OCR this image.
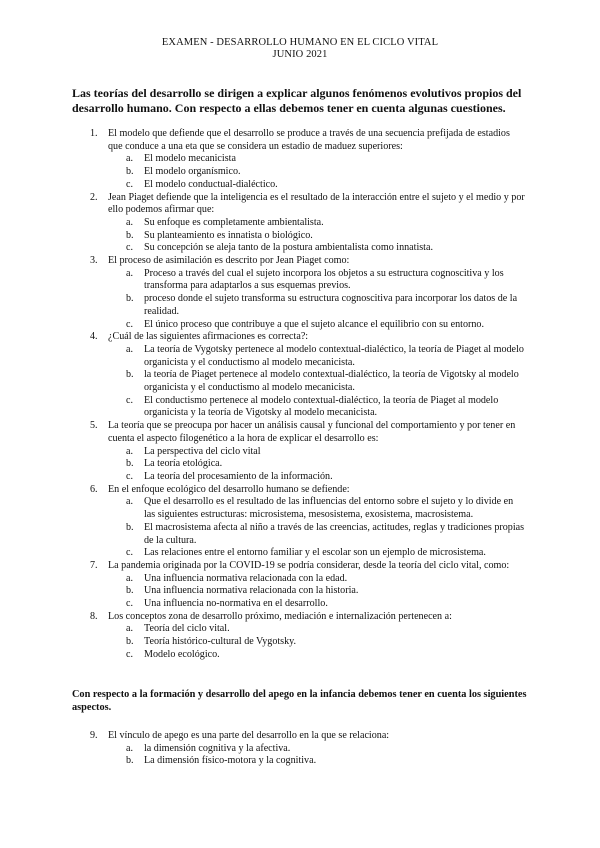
EXAMEN - DESARROLLO HUMANO EN EL CICLO VITAL
JUNIO 2021
Las teorías del desarrollo se dirigen a explicar algunos fenómenos evolutivos propios del desarrollo humano. Con respecto a ellas debemos tener en cuenta algunas cuestiones.
1. El modelo que defiende que el desarrollo se produce a través de una secuencia prefijada de estadios que conduce a una eta que se considera un estadio de maduez superiores:
a. El modelo mecanicista
b. El modelo organísmico.
c. El modelo conductual-dialéctico.
2. Jean Piaget defiende que la inteligencia es el resultado de la interacción entre el sujeto y el medio y por ello podemos afirmar que:
a. Su enfoque es completamente ambientalista.
b. Su planteamiento es innatista o biológico.
c. Su concepción se aleja tanto de la postura ambientalista como innatista.
3. El proceso de asimilación es descrito por Jean Piaget como:
a. Proceso a través del cual el sujeto incorpora los objetos a su estructura cognoscitiva y los transforma para adaptarlos a sus esquemas previos.
b. proceso donde el sujeto transforma su estructura cognoscitiva para incorporar los datos de la realidad.
c. El único proceso que contribuye a que el sujeto alcance el equilibrio con su entorno.
4. ¿Cuál de las siguientes afirmaciones es correcta?:
a. La teoría de Vygotsky pertenece al modelo contextual-dialéctico, la teoría de Piaget al modelo organicista y el conductismo al modelo mecanicista.
b. la teoría de Piaget pertenece al modelo contextual-dialéctico, la teoría de Vigotsky al modelo organicista y el conductismo al modelo mecanicista.
c. El conductismo pertenece al modelo contextual-dialéctico, la teoría de Piaget al modelo organicista y la teoría de Vigotsky al modelo mecanicista.
5. La teoría que se preocupa por hacer un análisis causal y funcional del comportamiento y por tener en cuenta el aspecto filogenético a la hora de explicar el desarrollo es:
a. La perspectiva del ciclo vital
b. La teoría etológica.
c. La teoría del procesamiento de la información.
6. En el enfoque ecológico del desarrollo humano se defiende:
a. Que el desarrollo es el resultado de las influencias del entorno sobre el sujeto y lo divide en las siguientes estructuras: microsistema, mesosistema, exosistema, macrosistema.
b. El macrosistema afecta al niño a través de las creencias, actitudes, reglas y tradiciones propias de la cultura.
c. Las relaciones entre el entorno familiar y el escolar son un ejemplo de microsistema.
7. La pandemia originada por la COVID-19 se podría considerar, desde la teoría del ciclo vital, como:
a. Una influencia normativa relacionada con la edad.
b. Una influencia normativa relacionada con la historia.
c. Una influencia no-normativa en el desarrollo.
8. Los conceptos zona de desarrollo próximo, mediación e internalización pertenecen a:
a. Teoría del ciclo vital.
b. Teoría histórico-cultural de Vygotsky.
c. Modelo ecológico.
Con respecto a la formación y desarrollo del apego en la infancia debemos tener en cuenta los siguientes aspectos.
9. El vínculo de apego es una parte del desarrollo en la que se relaciona:
a. la dimensión cognitiva y la afectiva.
b. La dimensión físico-motora y la cognitiva.
